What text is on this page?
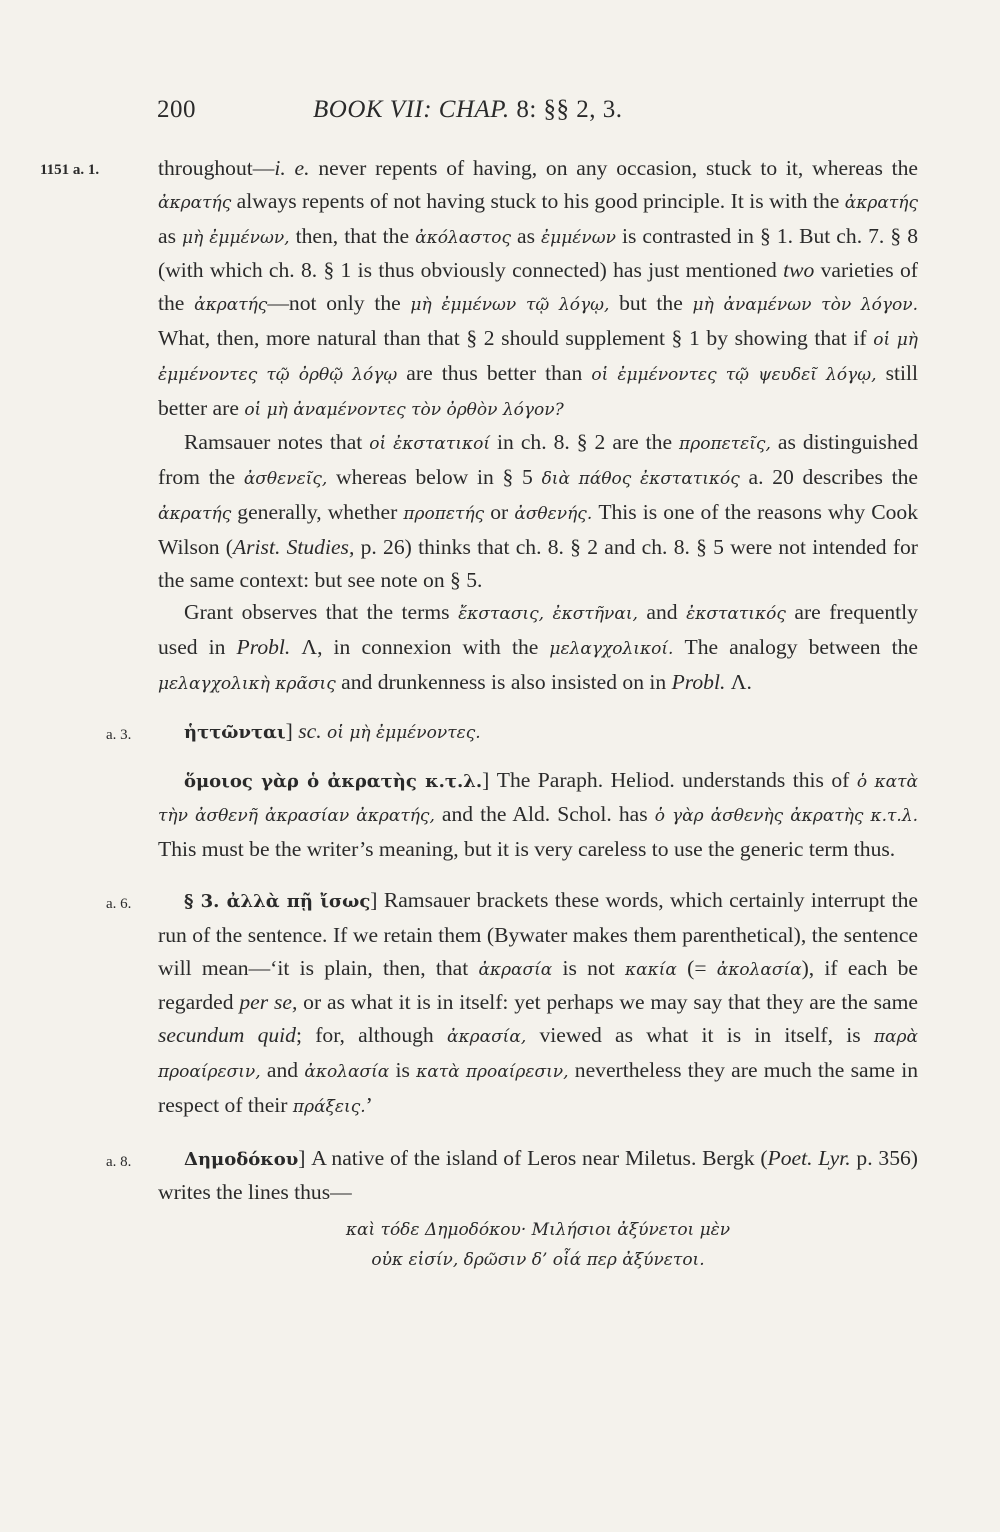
200	BOOK VII: CHAP. 8: §§ 2, 3.
1151 a. 1.	throughout—i. e. never repents of having, on any occasion, stuck to it, whereas the ἀκρατής always repents of not having stuck to his good principle. It is with the ἀκρατής as μὴ ἐμμένων, then, that the ἀκόλαστος as ἐμμένων is contrasted in § 1. But ch. 7. § 8 (with which ch. 8. § 1 is thus obviously connected) has just mentioned two varieties of the ἀκρατής—not only the μὴ ἐμμένων τῷ λόγῳ, but the μὴ ἀναμένων τὸν λόγον. What, then, more natural than that § 2 should supplement § 1 by showing that if οἱ μὴ ἐμμένοντες τῷ ὀρθῷ λόγῳ are thus better than οἱ ἐμμένοντες τῷ ψευδεῖ λόγῳ, still better are οἱ μὴ ἀναμένοντες τὸν ὀρθὸν λόγον?

Ramsauer notes that οἱ ἐκστατικοί in ch. 8. § 2 are the προπετεῖς, as distinguished from the ἀσθενεῖς, whereas below in § 5 διὰ πάθος ἐκστατικός a. 20 describes the ἀκρατής generally, whether προπετής or ἀσθενής. This is one of the reasons why Cook Wilson (Arist. Studies, p. 26) thinks that ch. 8. § 2 and ch. 8. § 5 were not intended for the same context: but see note on § 5.

Grant observes that the terms ἔκστασις, ἐκστῆναι, and ἐκστατικός are frequently used in Probl. Λ, in connexion with the μελαγχολικοί. The analogy between the μελαγχολικὴ κρᾶσις and drunkenness is also insisted on in Probl. Λ.

a. 3.	ἡττῶνται] sc. οἱ μὴ ἐμμένοντες.

ὅμοιος γὰρ ὁ ἀκρατὴς κ.τ.λ.] The Paraph. Heliod. understands this of ὁ κατὰ τὴν ἀσθενῆ ἀκρασίαν ἀκρατής, and the Ald. Schol. has ὁ γὰρ ἀσθενὴς ἀκρατὴς κ.τ.λ. This must be the writer’s meaning, but it is very careless to use the generic term thus.

a. 6.	§ 3. ἀλλὰ πῇ ἴσως] Ramsauer brackets these words, which certainly interrupt the run of the sentence. If we retain them (Bywater makes them parenthetical), the sentence will mean—‘it is plain, then, that ἀκρασία is not κακία (= ἀκολασία), if each be regarded per se, or as what it is in itself: yet perhaps we may say that they are the same secundum quid; for, although ἀκρασία, viewed as what it is in itself, is παρὰ προαίρεσιν, and ἀκολασία is κατὰ προαίρεσιν, nevertheless they are much the same in respect of their πράξεις.’

a. 8.	Δημοδόκου] A native of the island of Leros near Miletus. Bergk (Poet. Lyr. p. 356) writes the lines thus—

καὶ τόδε Δημοδόκου· Μιλήσιοι ἀξύνετοι μὲν
οὐκ εἰσίν, δρῶσιν δ’ οἷά περ ἀξύνετοι.
